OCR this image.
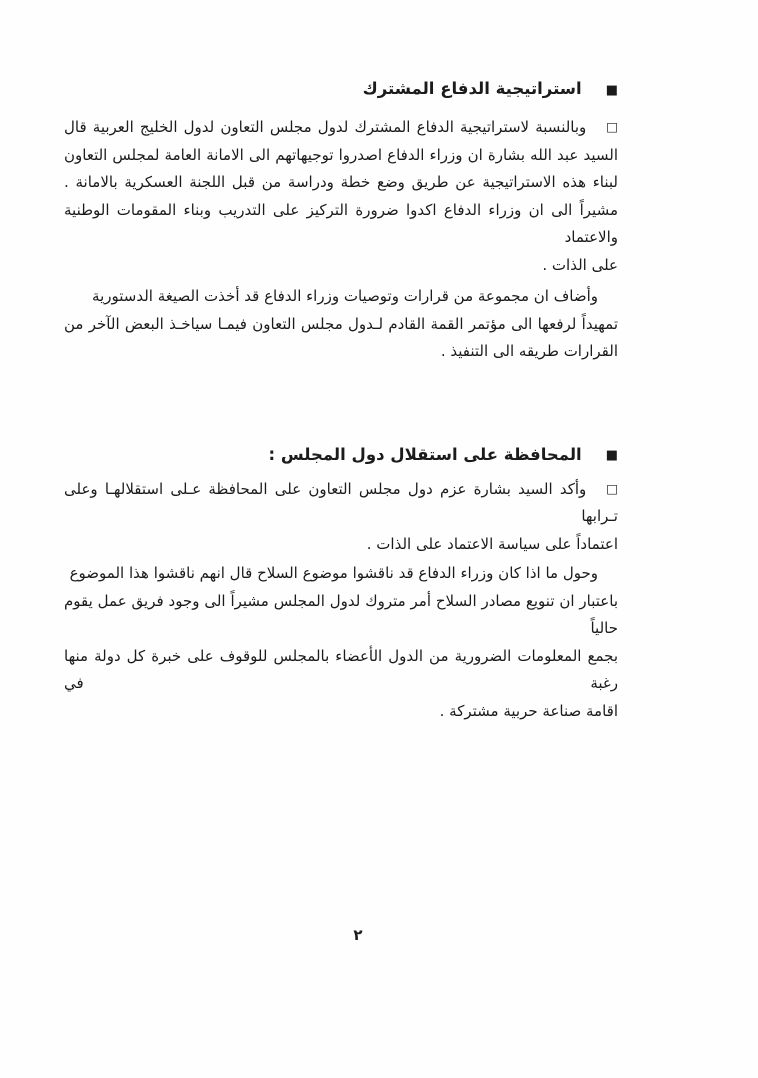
■
استراتيجية الدفاع المشترك
□وبالنسبة لاستراتيجية الدفاع المشترك لدول مجلس التعاون لدول الخليج العربية قال
السيد عبد الله بشارة ان وزراء الدفاع اصدروا توجيهاتهم الى الامانة العامة لمجلس التعاون
لبناء هذه الاستراتيجية عن طريق وضع خطة ودراسة من قبل اللجنة العسكرية بالامانة .
مشيراً الى ان وزراء الدفاع اكدوا ضرورة التركيز على التدريب وبناء المقومات الوطنية والاعتماد
على الذات .
وأضاف ان مجموعة من قرارات وتوصيات وزراء الدفاع قد أخذت الصيغة الدستورية
تمهيداً لرفعها الى مؤتمر القمة القادم لـدول مجلس التعاون فيمـا سياخـذ البعض الآخر من
القرارات طريقه الى التنفيذ .
■
المحافظة على استقلال دول المجلس :
□وأكد السيد بشارة عزم دول مجلس التعاون على المحافظة عـلى استقلالهـا وعلى تـرابها
اعتماداً على سياسة الاعتماد على الذات .
وحول ما اذا كان وزراء الدفاع قد ناقشوا موضوع السلاح قال انهم ناقشوا هذا الموضوع
باعتبار ان تنويع مصادر السلاح أمر متروك لدول المجلس مشيراً الى وجود فريق عمل يقوم حالياً
بجمع المعلومات الضرورية من الدول الأعضاء بالمجلس للوقوف على خبرة كل دولة منها رغبة في
اقامة صناعة حربية مشتركة .
٢
